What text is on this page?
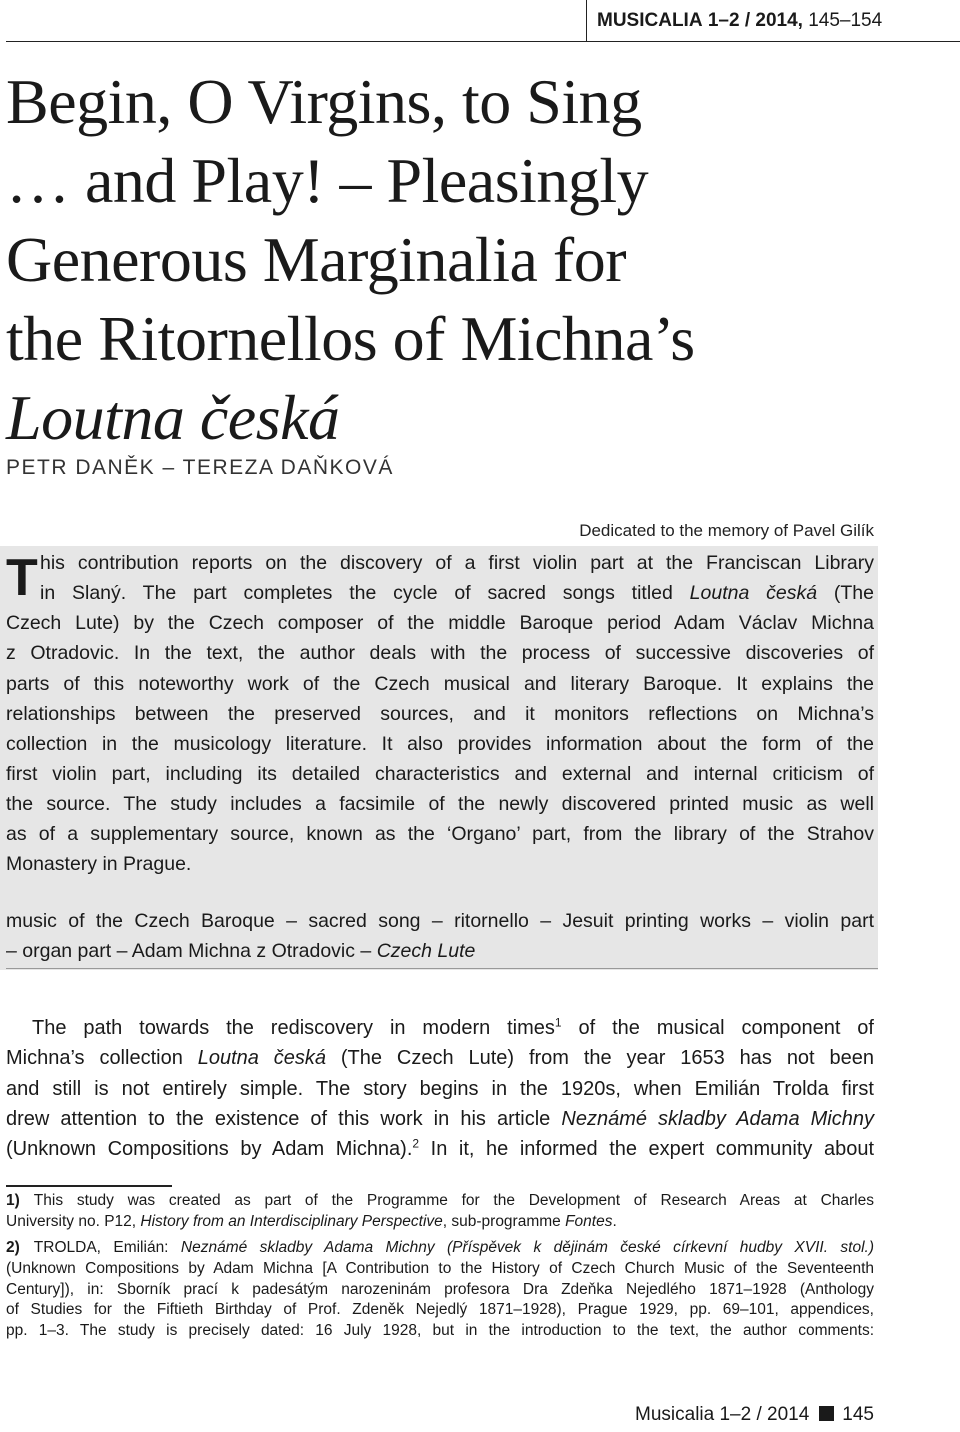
MUSICALIA 1–2 / 2014, 145–154
Begin, O Virgins, to Sing
… and Play! – Pleasingly
Generous Marginalia for
the Ritornellos of Michna’s
Loutna česká
PETR DANĚK – TEREZA DAŇKOVÁ
Dedicated to the memory of Pavel Gilík
T his contribution reports on the discovery of a first violin part at the Franciscan Library
in Slaný. The part completes the cycle of sacred songs titled Loutna česká (The
Czech Lute) by the Czech composer of the middle Baroque period Adam Václav Michna
z Otradovic. In the text, the author deals with the process of successive discoveries of
parts of this noteworthy work of the Czech musical and literary Baroque. It explains the
relationships between the preserved sources, and it monitors reflections on Michna’s
collection in the musicology literature. It also provides information about the form of the
first violin part, including its detailed characteristics and external and internal criticism of
the source. The study includes a facsimile of the newly discovered printed music as well
as of a supplementary source, known as the ‘Organo’ part, from the library of the Strahov
Monastery in Prague.
music of the Czech Baroque – sacred song – ritornello – Jesuit printing works – violin part
– organ part – Adam Michna z Otradovic – Czech Lute
The path towards the rediscovery in modern times$^1$ of the musical component of
Michna’s collection Loutna česká (The Czech Lute) from the year 1653 has not been
and still is not entirely simple. The story begins in the 1920s, when Emilián Trolda first
drew attention to the existence of this work in his article Neznámé skladby Adama Michny
(Unknown Compositions by Adam Michna).$^2$ In it, he informed the expert community about
1) This study was created as part of the Programme for the Development of Research Areas at Charles
University no. P12, History from an Interdisciplinary Perspective, sub-programme Fontes.
2) TROLDA, Emilián: Neznámé skladby Adama Michny (Příspěvek k dějinám české církevní hudby XVII. stol.)
(Unknown Compositions by Adam Michna [A Contribution to the History of Czech Church Music of the Seventeenth
Century]), in: Sborník prací k padesátým narozeninám profesora Dra Zdeňka Nejedlého 1871–1928 (Anthology
of Studies for the Fiftieth Birthday of Prof. Zdeněk Nejedlý 1871–1928), Prague 1929, pp. 69–101, appendices,
pp. 1–3. The study is precisely dated: 16 July 1928, but in the introduction to the text, the author comments:
Musicalia 1–2 / 2014 145
